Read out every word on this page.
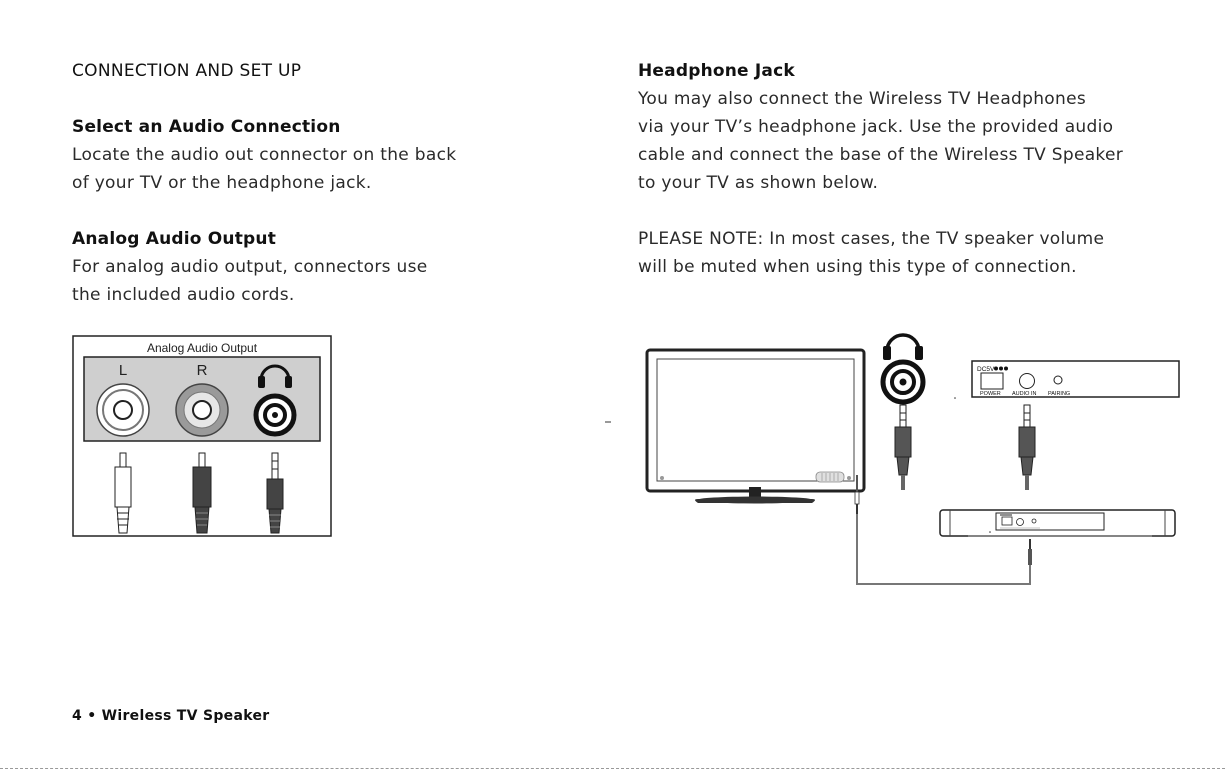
CONNECTION AND SET UP
Select an Audio Connection
Locate the audio out connector on the back
of your TV or the headphone jack.
Analog Audio Output
For analog audio output, connectors use
the included audio cords.
Analog Audio Output
L	R
Headphone Jack
You may also connect the Wireless TV Headphones
via your TV’s headphone jack. Use the provided audio
cable and connect the base of the Wireless TV Speaker
to your TV as shown below.
PLEASE NOTE: In most cases, the TV speaker volume
will be muted when using this type of connection.
DC5V
POWER AUDIO IN PAIRING
4 • Wireless TV Speaker
